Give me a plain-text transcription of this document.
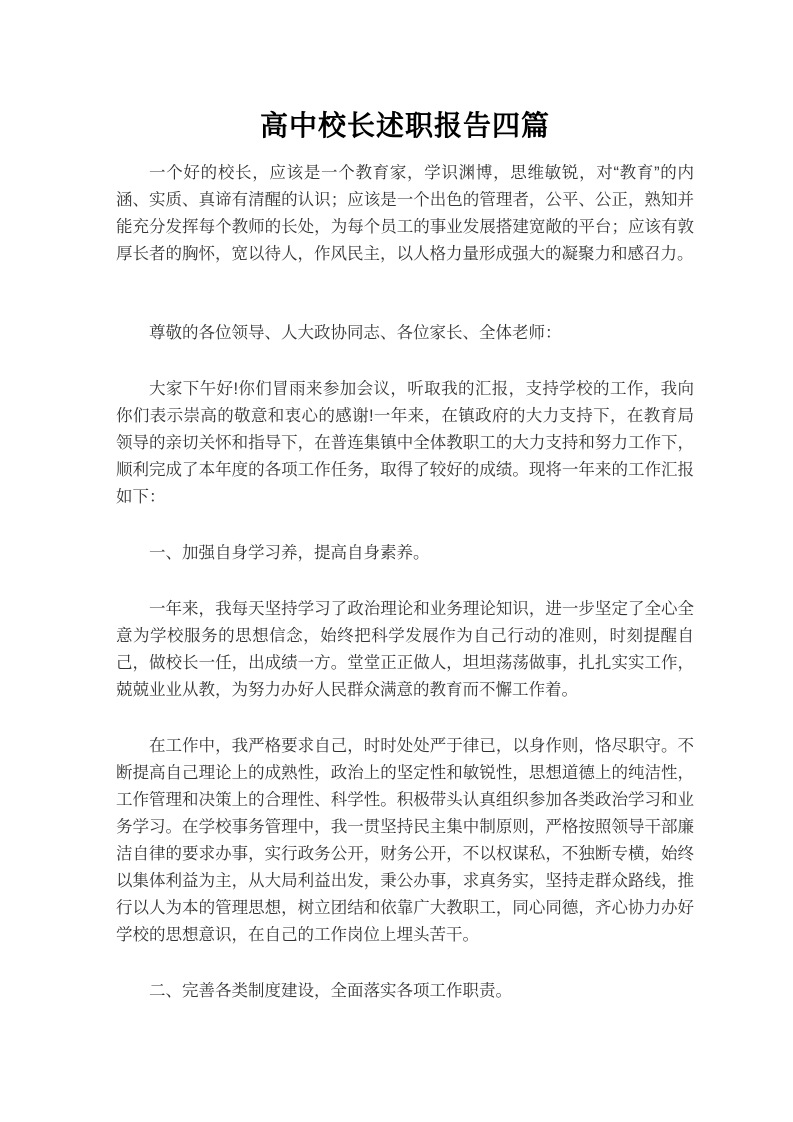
高中校长述职报告四篇

一个好的校长，应该是一个教育家，学识渊博，思维敏锐，对“教育”的内涵、实质、真谛有清醒的认识；应该是一个出色的管理者，公平、公正，熟知并能充分发挥每个教师的长处，为每个员工的事业发展搭建宽敞的平台；应该有敦厚长者的胸怀，宽以待人，作风民主，以人格力量形成强大的凝聚力和感召力。

尊敬的各位领导、人大政协同志、各位家长、全体老师：

大家下午好!你们冒雨来参加会议，听取我的汇报，支持学校的工作，我向你们表示崇高的敬意和衷心的感谢!一年来，在镇政府的大力支持下，在教育局领导的亲切关怀和指导下，在普连集镇中全体教职工的大力支持和努力工作下，顺利完成了本年度的各项工作任务，取得了较好的成绩。现将一年来的工作汇报如下：

一、加强自身学习养，提高自身素养。

一年来，我每天坚持学习了政治理论和业务理论知识，进一步坚定了全心全意为学校服务的思想信念，始终把科学发展作为自己行动的准则，时刻提醒自己，做校长一任，出成绩一方。堂堂正正做人，坦坦荡荡做事，扎扎实实工作，兢兢业业从教，为努力办好人民群众满意的教育而不懈工作着。

在工作中，我严格要求自己，时时处处严于律已，以身作则，恪尽职守。不断提高自己理论上的成熟性，政治上的坚定性和敏锐性，思想道德上的纯洁性，工作管理和决策上的合理性、科学性。积极带头认真组织参加各类政治学习和业务学习。在学校事务管理中，我一贯坚持民主集中制原则，严格按照领导干部廉洁自律的要求办事，实行政务公开，财务公开，不以权谋私，不独断专横，始终以集体利益为主，从大局利益出发，秉公办事，求真务实，坚持走群众路线，推行以人为本的管理思想，树立团结和依靠广大教职工，同心同德，齐心协力办好学校的思想意识，在自己的工作岗位上埋头苦干。

二、完善各类制度建设，全面落实各项工作职责。
